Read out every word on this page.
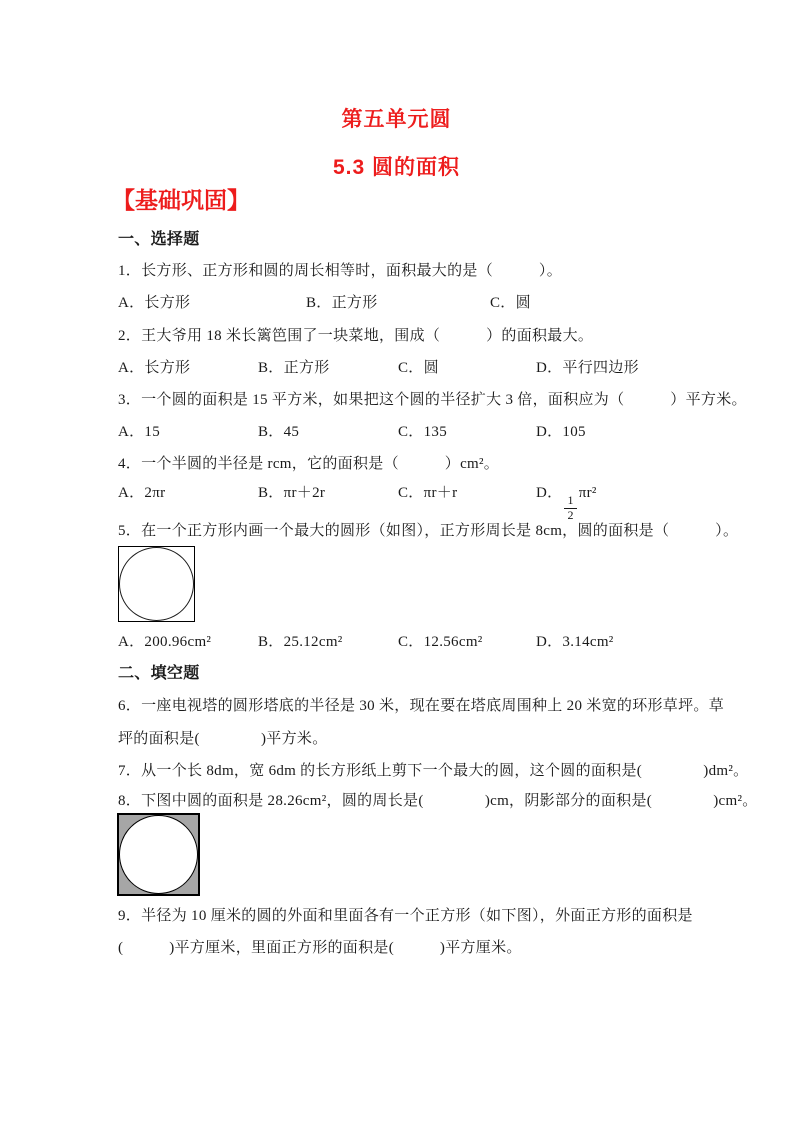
第五单元圆
5.3 圆的面积
【基础巩固】
一、选择题
1．长方形、正方形和圆的周长相等时，面积最大的是（　　　）。
A．长方形	B．正方形	C．圆
2．王大爷用 18 米长篱笆围了一块菜地，围成（　　　）的面积最大。
A．长方形	B．正方形	C．圆	D．平行四边形
3．一个圆的面积是 15 平方米，如果把这个圆的半径扩大 3 倍，面积应为（　　　）平方米。
A．15	B．45	C．135	D．105
4．一个半圆的半径是 rcm，它的面积是（　　　）cm²。
A．2πr	B．πr＋2r	C．πr＋r	D．
$\frac{1}{2}$
πr²
5．在一个正方形内画一个最大的圆形（如图），正方形周长是 8cm，圆的面积是（　　　）。
A．200.96cm²	B．25.12cm²	C．12.56cm²	D．3.14cm²
二、填空题
6．一座电视塔的圆形塔底的半径是 30 米，现在要在塔底周围种上 20 米宽的环形草坪。草
坪的面积是(　　　　)平方米。
7．从一个长 8dm，宽 6dm 的长方形纸上剪下一个最大的圆，这个圆的面积是(　　　　)dm²。
8．下图中圆的面积是 28.26cm²，圆的周长是(　　　　)cm，阴影部分的面积是(　　　　)cm²。
9．半径为 10 厘米的圆的外面和里面各有一个正方形（如下图），外面正方形的面积是
(　　　)平方厘米，里面正方形的面积是(　　　)平方厘米。
